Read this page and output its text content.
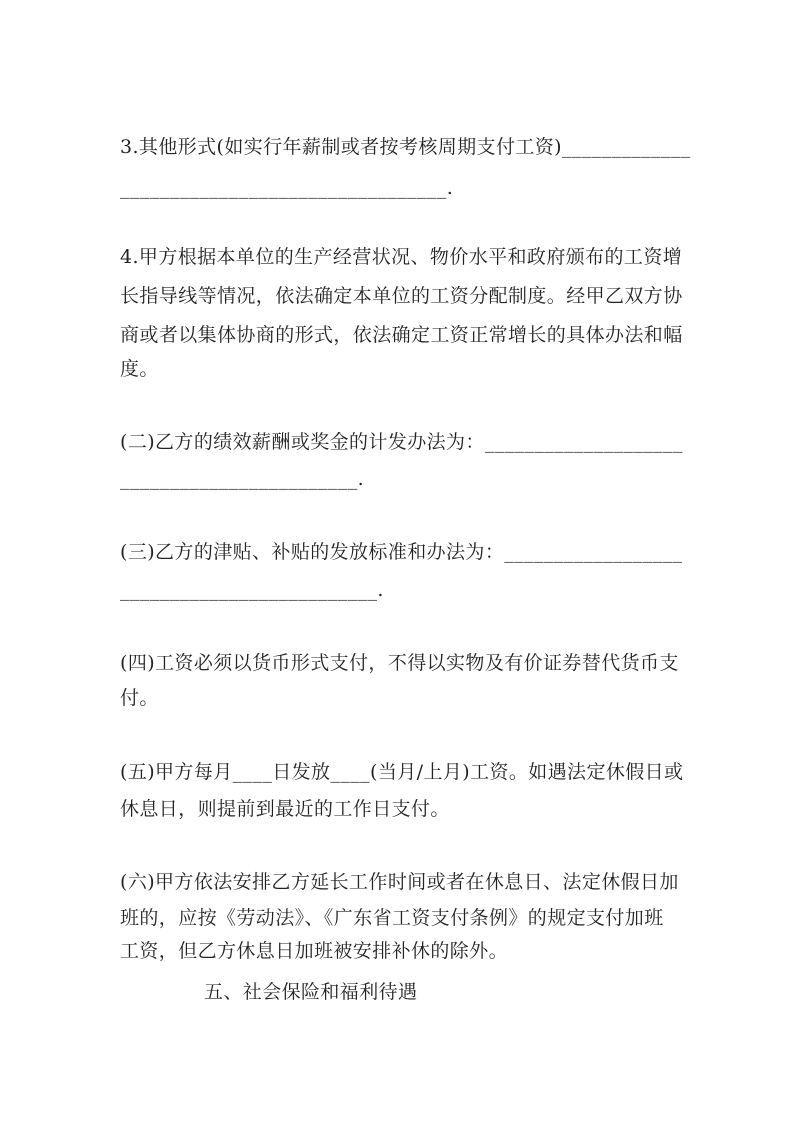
3.其他形式(如实行年薪制或者按考核周期支付工资)_____________
_________________________________.
4.甲方根据本单位的生产经营状况、物价水平和政府颁布的工资增
长指导线等情况，依法确定本单位的工资分配制度。经甲乙双方协
商或者以集体协商的形式，依法确定工资正常增长的具体办法和幅
度。
(二)乙方的绩效薪酬或奖金的计发办法为：____________________
________________________.
(三)乙方的津贴、补贴的发放标准和办法为：__________________
__________________________.
(四)工资必须以货币形式支付，不得以实物及有价证券替代货币支
付。
(五)甲方每月____日发放____(当月/上月)工资。如遇法定休假日或
休息日，则提前到最近的工作日支付。
(六)甲方依法安排乙方延长工作时间或者在休息日、法定休假日加
班的，应按《劳动法》、《广东省工资支付条例》的规定支付加班
工资，但乙方休息日加班被安排补休的除外。
五、社会保险和福利待遇
